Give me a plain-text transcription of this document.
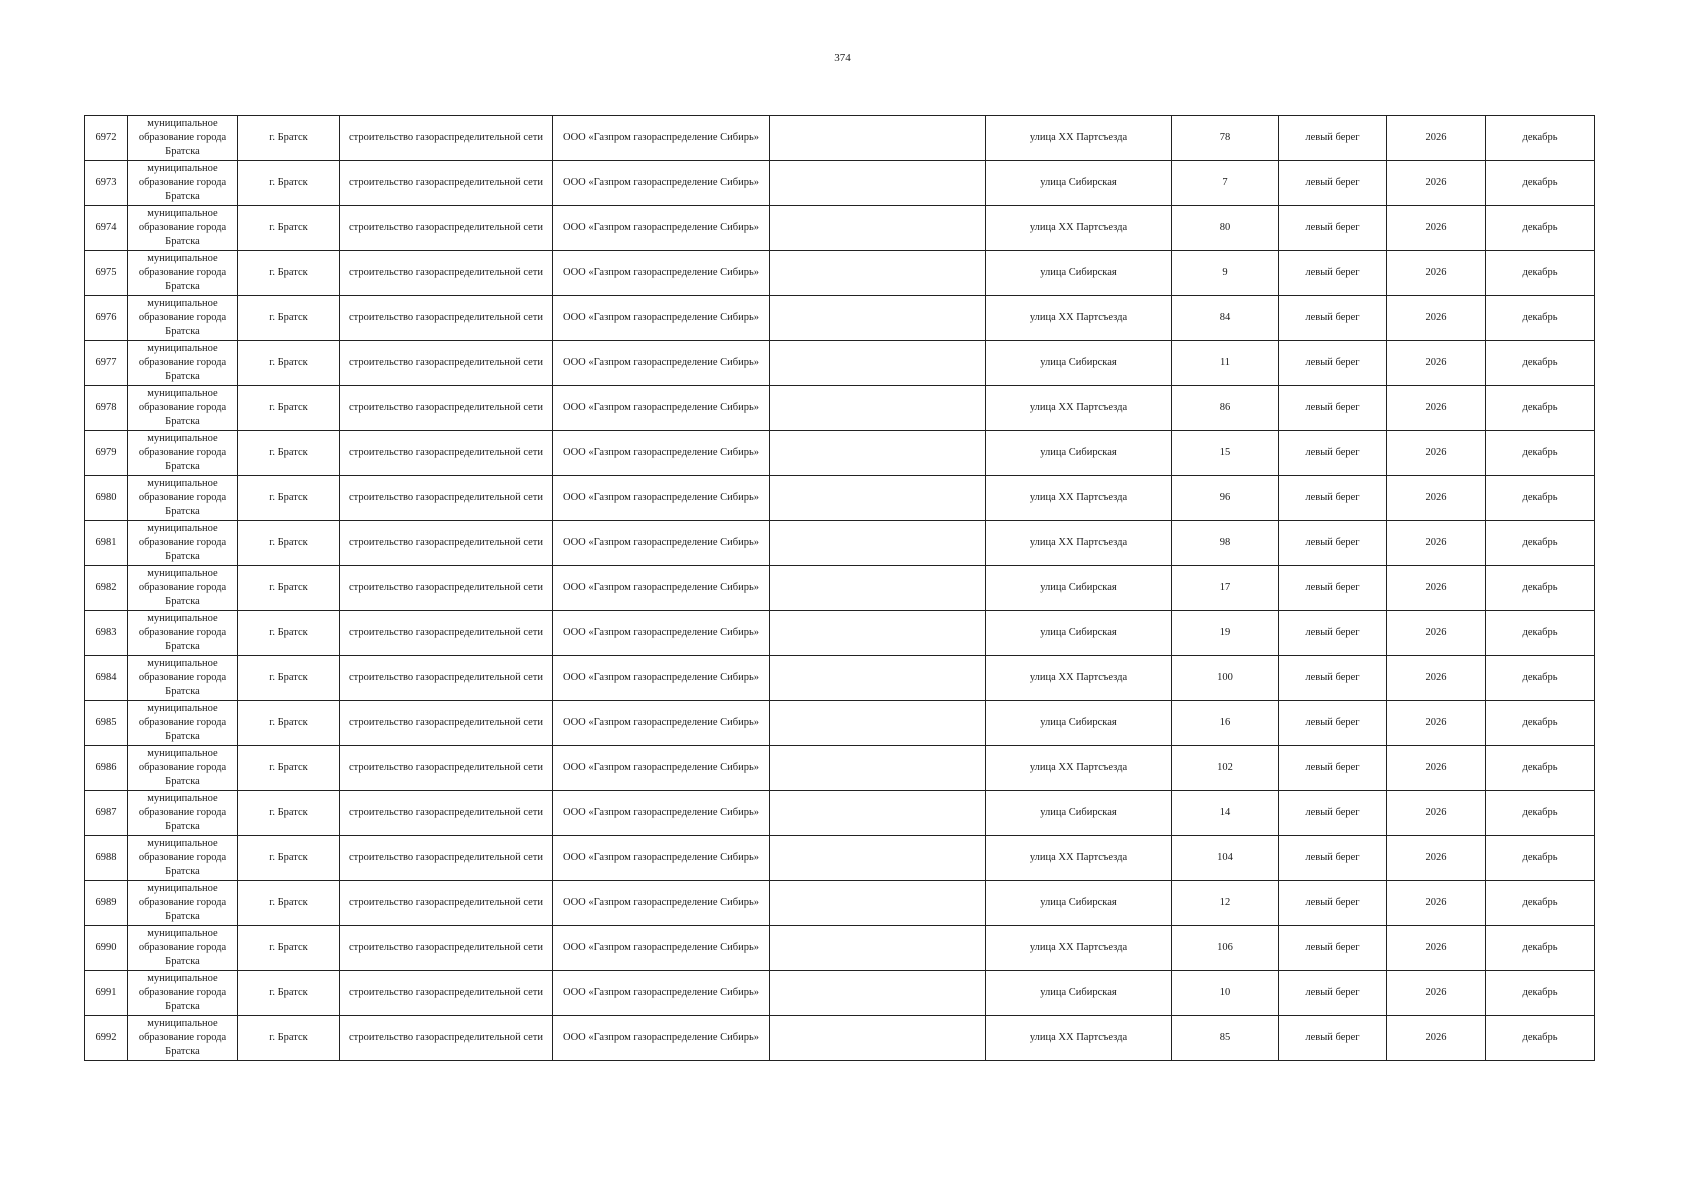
374
6972	муниципальное образование города Братска	г. Братск	строительство газораспределительной сети	ООО «Газпром газораспределение Сибирь»		улица XX Партсъезда	78	левый берег	2026	декабрь
6973	муниципальное образование города Братска	г. Братск	строительство газораспределительной сети	ООО «Газпром газораспределение Сибирь»		улица Сибирская	7	левый берег	2026	декабрь
6974	муниципальное образование города Братска	г. Братск	строительство газораспределительной сети	ООО «Газпром газораспределение Сибирь»		улица XX Партсъезда	80	левый берег	2026	декабрь
6975	муниципальное образование города Братска	г. Братск	строительство газораспределительной сети	ООО «Газпром газораспределение Сибирь»		улица Сибирская	9	левый берег	2026	декабрь
6976	муниципальное образование города Братска	г. Братск	строительство газораспределительной сети	ООО «Газпром газораспределение Сибирь»		улица XX Партсъезда	84	левый берег	2026	декабрь
6977	муниципальное образование города Братска	г. Братск	строительство газораспределительной сети	ООО «Газпром газораспределение Сибирь»		улица Сибирская	11	левый берег	2026	декабрь
6978	муниципальное образование города Братска	г. Братск	строительство газораспределительной сети	ООО «Газпром газораспределение Сибирь»		улица XX Партсъезда	86	левый берег	2026	декабрь
6979	муниципальное образование города Братска	г. Братск	строительство газораспределительной сети	ООО «Газпром газораспределение Сибирь»		улица Сибирская	15	левый берег	2026	декабрь
6980	муниципальное образование города Братска	г. Братск	строительство газораспределительной сети	ООО «Газпром газораспределение Сибирь»		улица XX Партсъезда	96	левый берег	2026	декабрь
6981	муниципальное образование города Братска	г. Братск	строительство газораспределительной сети	ООО «Газпром газораспределение Сибирь»		улица XX Партсъезда	98	левый берег	2026	декабрь
6982	муниципальное образование города Братска	г. Братск	строительство газораспределительной сети	ООО «Газпром газораспределение Сибирь»		улица Сибирская	17	левый берег	2026	декабрь
6983	муниципальное образование города Братска	г. Братск	строительство газораспределительной сети	ООО «Газпром газораспределение Сибирь»		улица Сибирская	19	левый берег	2026	декабрь
6984	муниципальное образование города Братска	г. Братск	строительство газораспределительной сети	ООО «Газпром газораспределение Сибирь»		улица XX Партсъезда	100	левый берег	2026	декабрь
6985	муниципальное образование города Братска	г. Братск	строительство газораспределительной сети	ООО «Газпром газораспределение Сибирь»		улица Сибирская	16	левый берег	2026	декабрь
6986	муниципальное образование города Братска	г. Братск	строительство газораспределительной сети	ООО «Газпром газораспределение Сибирь»		улица XX Партсъезда	102	левый берег	2026	декабрь
6987	муниципальное образование города Братска	г. Братск	строительство газораспределительной сети	ООО «Газпром газораспределение Сибирь»		улица Сибирская	14	левый берег	2026	декабрь
6988	муниципальное образование города Братска	г. Братск	строительство газораспределительной сети	ООО «Газпром газораспределение Сибирь»		улица XX Партсъезда	104	левый берег	2026	декабрь
6989	муниципальное образование города Братска	г. Братск	строительство газораспределительной сети	ООО «Газпром газораспределение Сибирь»		улица Сибирская	12	левый берег	2026	декабрь
6990	муниципальное образование города Братска	г. Братск	строительство газораспределительной сети	ООО «Газпром газораспределение Сибирь»		улица XX Партсъезда	106	левый берег	2026	декабрь
6991	муниципальное образование города Братска	г. Братск	строительство газораспределительной сети	ООО «Газпром газораспределение Сибирь»		улица Сибирская	10	левый берег	2026	декабрь
6992	муниципальное образование города Братска	г. Братск	строительство газораспределительной сети	ООО «Газпром газораспределение Сибирь»		улица XX Партсъезда	85	левый берег	2026	декабрь
